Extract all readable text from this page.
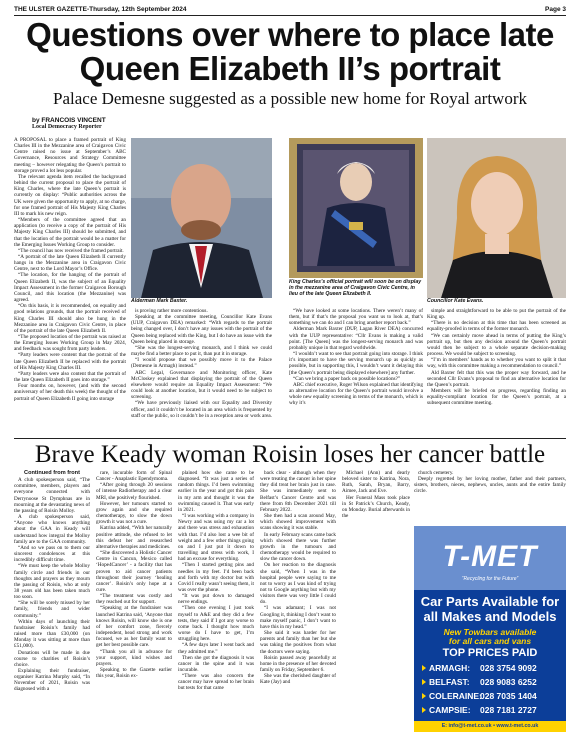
THE ULSTER GAZETTE-Thursday, 12th September 2024	Page 3
Questions over where to place late Queen Elizabeth II’s portrait
Palace Demesne suggested as a possible new home for Royal artwork
by FRANCOIS VINCENT
Local Democracy Reporter

A PROPOSAL to place a framed portrait of King Charles III in the Mezzanine area of Craigavon Civic Centre raised no issue at September’s ABC Governance, Resources and Strategy Committee meeting – however relegating the Queen’s portrait to storage proved a lot less popular.

The relevant agenda item recalled the background behind the current proposal to place the portrait of King Charles, where the late Queen’s portrait is currently on display: “Public authorities across the UK were given the opportunity to apply, at no charge, for one framed portrait of His Majesty King Charles III to mark his new reign.

“Members of the committee agreed that an application (to receive a copy of the portrait of His Majesty King Charles III) should be submitted, and that the location of the portrait would be a matter for the Emerging Issues Working Group to consider.

“The council has now received the framed portrait.

“A portrait of the late Queen Elizabeth II currently hangs in the Mezzanine area in Craigavon Civic Centre, next to the Lord Mayor’s Office.

“The location, for the hanging of the portrait of Queen Elizabeth II, was the subject of an Equality Impact Assessment in the former Craigavon Borough Council, and this location (the Mezzanine) was agreed.

“On this basis, it is recommended, on equality and good relations grounds, that the portrait received of King Charles III should also be hung in the Mezzanine area in Craigavon Civic Centre, in place of the portrait of the late Queen Elizabeth II.

“The proposed location of the portrait was raised at the Emerging Issues Working Group in May 2024, and feedback was sought from party leaders.

“Party leaders were content that the portrait of the late Queen Elizabeth II be replaced with the portrait of His Majesty King Charles III.

“Party leaders were also content that the portrait of the late Queen Elizabeth II goes into storage.”

Four months on, however, (and with the second anniversary of her death this week) the thought of the portrait of Queen Elizabeth II going into storage

Alderman Mark Baxter.
King Charles’s official portrait will soon be on display in the mezzanine area of Craigavon Civic Centre, in lieu of the late Queen Elizabeth II.
Councillor Kate Evans.

is proving rather more contentious.

Speaking at the committee meeting, Councillor Kate Evans (UUP, Craigavon DEA) remarked: “With regards to the portrait being changed over, I don’t have any issues with the portrait of the Queen being replaced with the King, but I do have an issue with the Queen being placed in storage.

“She was the longest-serving monarch, and I think we could maybe find a better place to put it, than put it in storage.

“I would propose that we possibly move it to the Palace (Demesne in Armagh) instead.”

ABC Legal, Governance and Monitoring officer, Kate McCloskey explained that displaying the portrait of the Queen elsewhere would require an Equality Impact Assessment: “We could look at another location, but it would need to be subject to screening.

“We have previously liaised with our Equality and Diversity officer, and it couldn’t be located in an area which is frequented by staff or the public, so it couldn’t be in a reception area or work area.

“We have looked at some locations. There weren’t many of them, but if that’s the proposal you want us to look at, that’s something we can do and I can bring another report back.”

Alderman Mark Baxter (DUP, Lagan River DEA) concurred with the UUP representative: “Cllr Evans is making a valid point. [The Queen] was the longest-serving monarch and was probably unique in that regard worldwide.

“I wouldn’t want to see that portrait going into storage. I think it’s important to have the serving monarch up as quickly as possible, but in supporting this, I wouldn’t want it delaying this [the Queen’s portrait being displayed elsewhere] any further.

“Can we bring a paper back on possible locations?”

ABC chief executive, Roger Wilson explained that identifying an alternative location for the Queen’s portrait would involve a whole new equality screening in terms of the monarch, which is why it’s

simple and straightforward to be able to put the portrait of the King up.

“There is no decision at this time that has been screened as equality-proofed in terms of the former monarch.

“We can certainly move ahead in terms of putting the King’s portrait up, but then any decision around the Queen’s portrait would then be subject to a whole separate decision-making process. We would be subject to screening.

“I’m in members’ hands as to whether you want to split it that way, with this committee making a recommendation to council.”

Ald Baxter felt that this was the proper way forward, and he seconded Cllr Evans’s proposal to find an alternative location for the Queen’s portrait.

Members will be briefed on progress, regarding finding an equality-compliant location for the Queen’s portrait, at a subsequent committee meeting.

Brave Keady woman Roisin loses her cancer battle
Continued from front

A club spokesperson said, “The committee, members, players and everyone connected with Derrynoose St Dymphnas are in mourning at the devastating news of the passing of Roisin Molloy.

A club spokesperson said, “Anyone who knows anything about the GAA in Keady will understand how integral the Molloy family are to the GAA community.

“And so we pass on to them our sincerest condolences at this incredibly difficult time.

“We must keep the whole Molloy family circle and friends in our thoughts and prayers as they mourn the passing of Roisin, who at only 38 years old has been taken much too soon.

“She will be sorely missed by her family, friends and wider community.”

Within days of launching their fundraiser Roisin’s family had raised more than £30,000 (on Monday it was sitting at more than £51,000).

Donations will be made in due course to charities of Roisin’s choice.

Explaining their fundraiser, organiser Katrina Murphy said, “In November of 2021, Roisin was diagnosed with a

rare, incurable form of Spinal Cancer - Anaplastic Ependymoma.

“After going through 20 sessions of intense Radiotherapy and a clear MRI, she positively flourished.

However, her tumours started to grow again and she required chemotherapy, to slow the down growth it was not a cure.

Katrina added, “With her naturally positive attitude, she refused to let this defeat her and researched alternative therapies and medicines.

“She discovered a Holistic Cancer Centre in Cancun, Mexico called ‘Hope4Cancer’ - a facility that has proven to aid cancer patients throughout their journey ‘healing cancer’. Roisin’s only hope at a cure.

“The treatment was costly and they reached out for support.

“Speaking at the fundraiser was launched Katrina said, ‘Anyone that knows Roisin, will know she is one of her comfort zone, fiercely independent, head strong and work focused, we as her family want to get her best possible care.

“Thank you all in advance for your support, kind wishes and prayers.

Speaking to the Gazette earlier this year, Roisin ex-

plained how she came to be diagnosed. “It was just a series of random things. I’d been swimming earlier in the year and got this pain in my arm and thought it was the swimming caused it. That was early in 2021.

“I was working with a company in Newry and was using my car a lot and there was stress and exhaustion with that. I’d also lost a wee bit of weight and a few other things going on and I just put it down to travelling and stress with work, I had an excuse for everything.

“Then I started getting pins and needles in my feet. I’d been back and forth with my doctor but with Covid I really wasn’t seeing them, it was over the phone.

“It was put down to damaged nerve endings.

“Then one evening I just took myself to A&E and they did a few tests, they said if I got any worse to come back. I thought how much worse do I have to get, I’m struggling here.

“A few days later I went back and they admitted me.”

Then she got the diagnosis it was cancer in the spine and it was incurable.

“There was also concern the cancer may have spread to her brain but tests for that came

back clear - although when they were treating the cancer in her spine they did treat her brain just in case. She was immediately sent to Belfast’s Cancer Centre and was there from 8th December 2021 till February 2022.

She then had a scan around May, which showed improvement with scans showing it was stable.

In early February scans came back which showed there was further growth in the tumours and chemotherapy would be required to slow the cancer down.

On her reaction to the diagnosis she said, “When I was in the hospital people were saying to me not to worry as I was kind of trying not to Google anything but with my visitors there was very little I could do.

“I was adamant; I was not Googling it, thinking I don’t want to make myself panic, I don’t want to have this in my head.”

She said it was harder for her parents and family than her but she was taking the positives from what the doctors were saying.

Roisin passed away peacefully at home in the presence of her devoted family on Friday, September 6.

She was the cherished daughter of Kate (Jay) and

Michael (Ann) and dearly beloved sister to Katrina, Nora, Ruth, Sarah, Bryan, Barry, Aimee, Jack and Eve.

Her Funeral Mass took place in St Patrick’s Church, Keady, on Monday. Burial afterwards in the

church cemetery.

Deeply regretted by her loving mother, father and their partners, sisters, brothers, nieces, nephews, uncles, aunts and the entire family circle.

T-MET
“Recycling for the Future”
Car Parts Available for
all Makes and Models
New Towbars available
for all cars and vans
TOP PRICES PAID
ARMAGH: 028 3754 9092
BELFAST: 028 9083 6252
COLERAINE:
028 7035 1404
CAMPSIE: 028 7181 2727
E: info@t-met.co.uk • www.t-met.co.uk
